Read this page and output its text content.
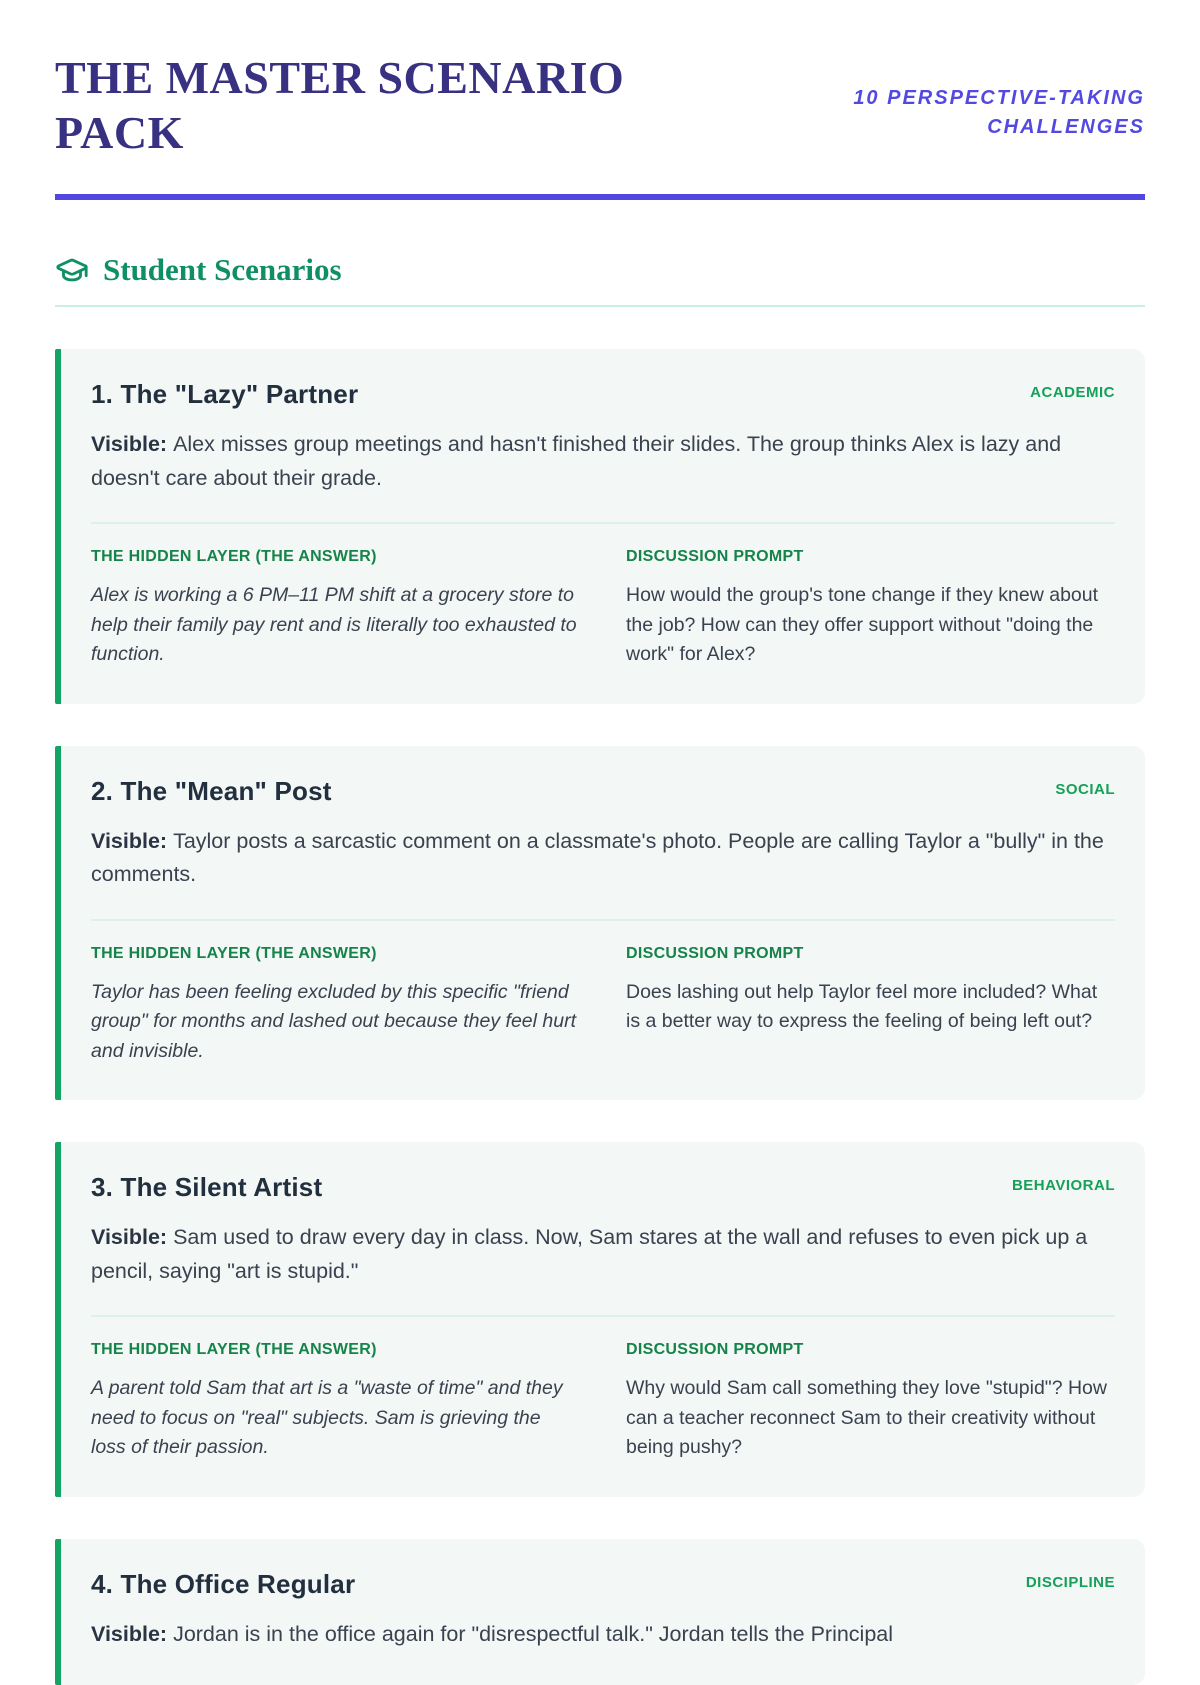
THE MASTER SCENARIO PACK
10 PERSPECTIVE-TAKING
CHALLENGES
Student Scenarios
1. The "Lazy" Partner	ACADEMIC

Visible: Alex misses group meetings and hasn't finished their slides. The group thinks Alex is lazy and doesn't care about their grade.

THE HIDDEN LAYER (THE ANSWER)

Alex is working a 6 PM–11 PM shift at a grocery store to help their family pay rent and is literally too exhausted to function.

DISCUSSION PROMPT

How would the group's tone change if they knew about the job? How can they offer support without "doing the work" for Alex?

2. The "Mean" Post	SOCIAL

Visible: Taylor posts a sarcastic comment on a classmate's photo. People are calling Taylor a "bully" in the comments.

THE HIDDEN LAYER (THE ANSWER)

Taylor has been feeling excluded by this specific "friend group" for months and lashed out because they feel hurt and invisible.

DISCUSSION PROMPT

Does lashing out help Taylor feel more included? What is a better way to express the feeling of being left out?

3. The Silent Artist	BEHAVIORAL

Visible: Sam used to draw every day in class. Now, Sam stares at the wall and refuses to even pick up a pencil, saying "art is stupid."

THE HIDDEN LAYER (THE ANSWER)

A parent told Sam that art is a "waste of time" and they need to focus on "real" subjects. Sam is grieving the loss of their passion.

DISCUSSION PROMPT

Why would Sam call something they love "stupid"? How can a teacher reconnect Sam to their creativity without being pushy?

4. The Office Regular	DISCIPLINE

Visible: Jordan is in the office again for "disrespectful talk." Jordan tells the Principal
